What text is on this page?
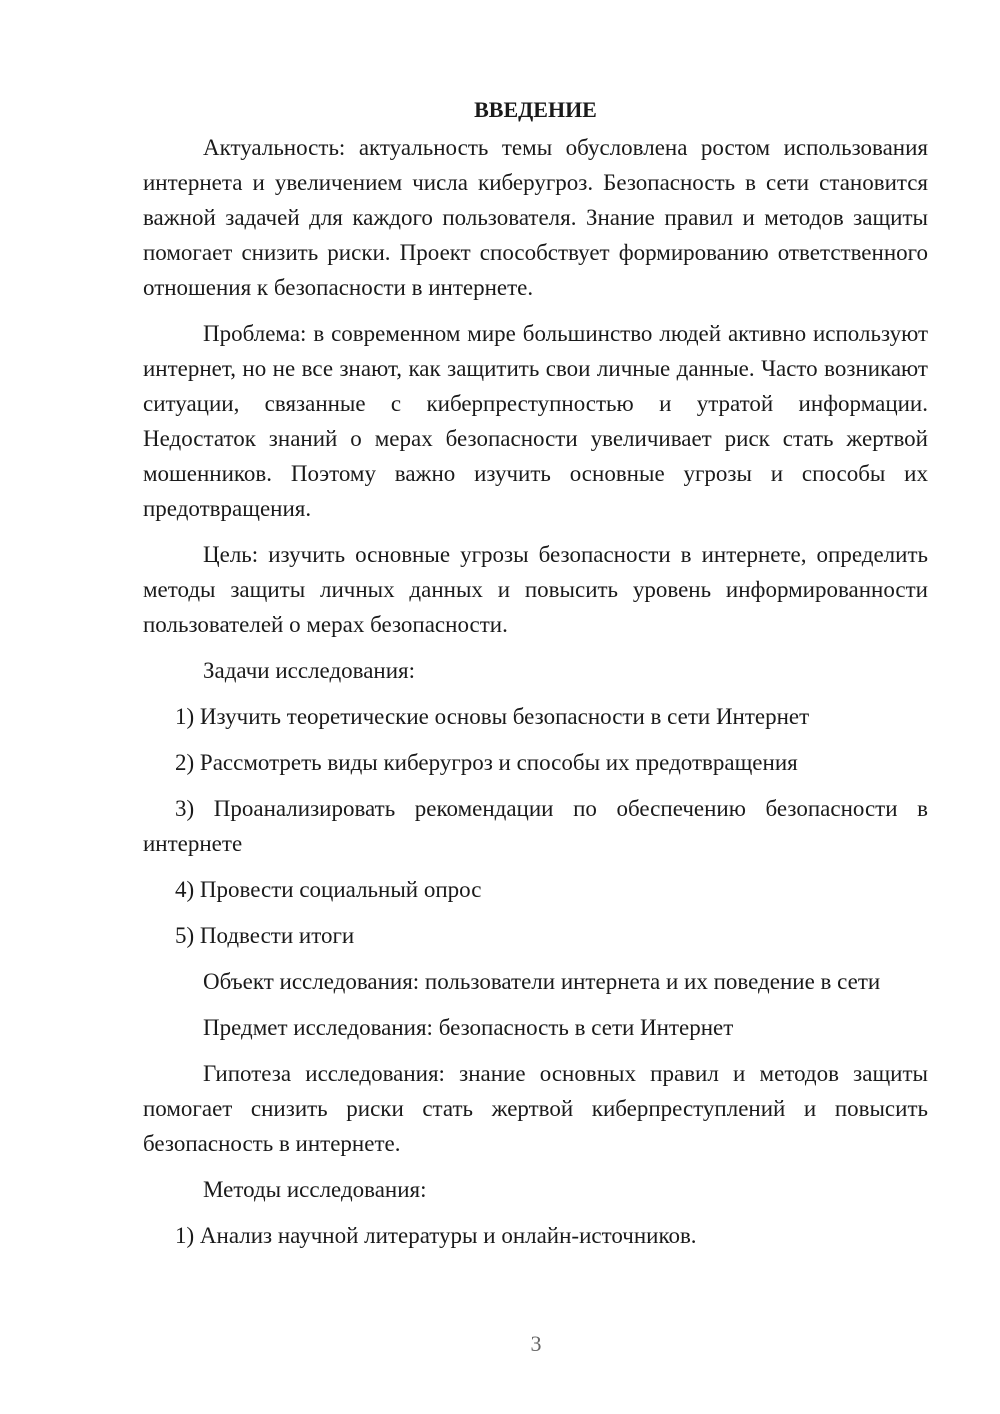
ВВЕДЕНИЕ

Актуальность: актуальность темы обусловлена ростом использования интернета и увеличением числа киберугроз. Безопасность в сети становится важной задачей для каждого пользователя. Знание правил и методов защиты помогает снизить риски. Проект способствует формированию ответственного отношения к безопасности в интернете.

Проблема: в современном мире большинство людей активно используют интернет, но не все знают, как защитить свои личные данные. Часто возникают ситуации, связанные с киберпреступностью и утратой информации. Недостаток знаний о мерах безопасности увеличивает риск стать жертвой мошенников. Поэтому важно изучить основные угрозы и способы их предотвращения.

Цель: изучить основные угрозы безопасности в интернете, определить методы защиты личных данных и повысить уровень информированности пользователей о мерах безопасности.

Задачи исследования:

1) Изучить теоретические основы безопасности в сети Интернет

2) Рассмотреть виды киберугроз и способы их предотвращения

3) Проанализировать рекомендации по обеспечению безопасности в интернете

4) Провести социальный опрос

5) Подвести итоги

Объект исследования: пользователи интернета и их поведение в сети

Предмет исследования: безопасность в сети Интернет

Гипотеза исследования: знание основных правил и методов защиты помогает снизить риски стать жертвой киберпреступлений и повысить безопасность в интернете.

Методы исследования:

1) Анализ научной литературы и онлайн-источников.

3
